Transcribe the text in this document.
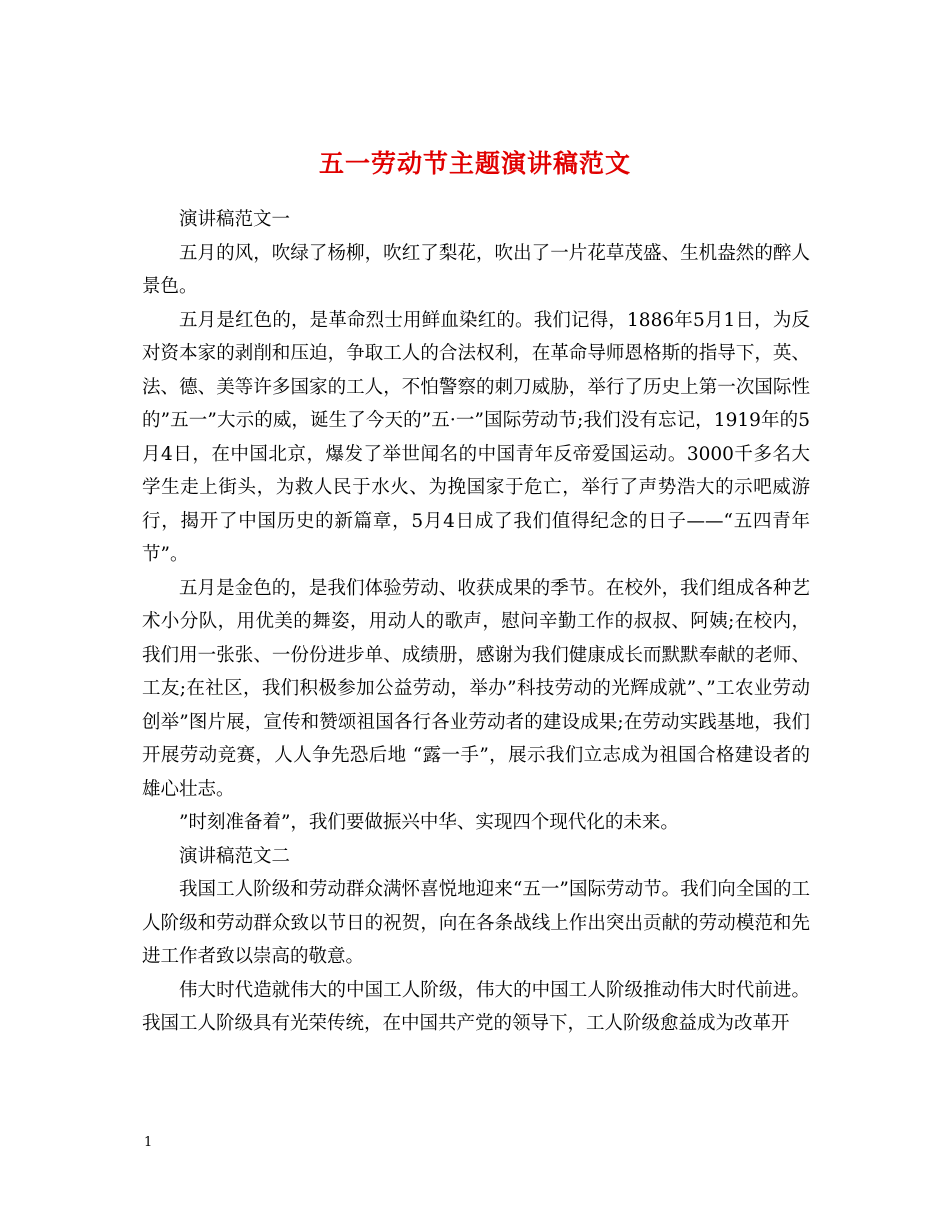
五一劳动节主题演讲稿范文

演讲稿范文一

五月的风，吹绿了杨柳，吹红了梨花，吹出了一片花草茂盛、生机盎然的醉人景色。

五月是红色的，是革命烈士用鲜血染红的。我们记得，1886年5月1日，为反对资本家的剥削和压迫，争取工人的合法权利，在革命导师恩格斯的指导下，英、法、德、美等许多国家的工人，不怕警察的刺刀威胁，举行了历史上第一次国际性的”五一”大示的威，诞生了今天的”五·一”国际劳动节;我们没有忘记，1919年的5月4日，在中国北京，爆发了举世闻名的中国青年反帝爱国运动。3000千多名大学生走上街头，为救人民于水火、为挽国家于危亡，举行了声势浩大的示吧威游行，揭开了中国历史的新篇章，5月4日成了我们值得纪念的日子——“五四青年节”。

五月是金色的，是我们体验劳动、收获成果的季节。在校外，我们组成各种艺术小分队，用优美的舞姿，用动人的歌声，慰问辛勤工作的叔叔、阿姨;在校内，我们用一张张、一份份进步单、成绩册，感谢为我们健康成长而默默奉献的老师、工友;在社区，我们积极参加公益劳动，举办”科技劳动的光辉成就”、”工农业劳动创举”图片展，宣传和赞颂祖国各行各业劳动者的建设成果;在劳动实践基地，我们开展劳动竞赛，人人争先恐后地 “露一手”，展示我们立志成为祖国合格建设者的雄心壮志。

”时刻准备着”，我们要做振兴中华、实现四个现代化的未来。

演讲稿范文二

我国工人阶级和劳动群众满怀喜悦地迎来“五一”国际劳动节。我们向全国的工人阶级和劳动群众致以节日的祝贺，向在各条战线上作出突出贡献的劳动模范和先进工作者致以崇高的敬意。

伟大时代造就伟大的中国工人阶级，伟大的中国工人阶级推动伟大时代前进。我国工人阶级具有光荣传统，在中国共产党的领导下，工人阶级愈益成为改革开

1
